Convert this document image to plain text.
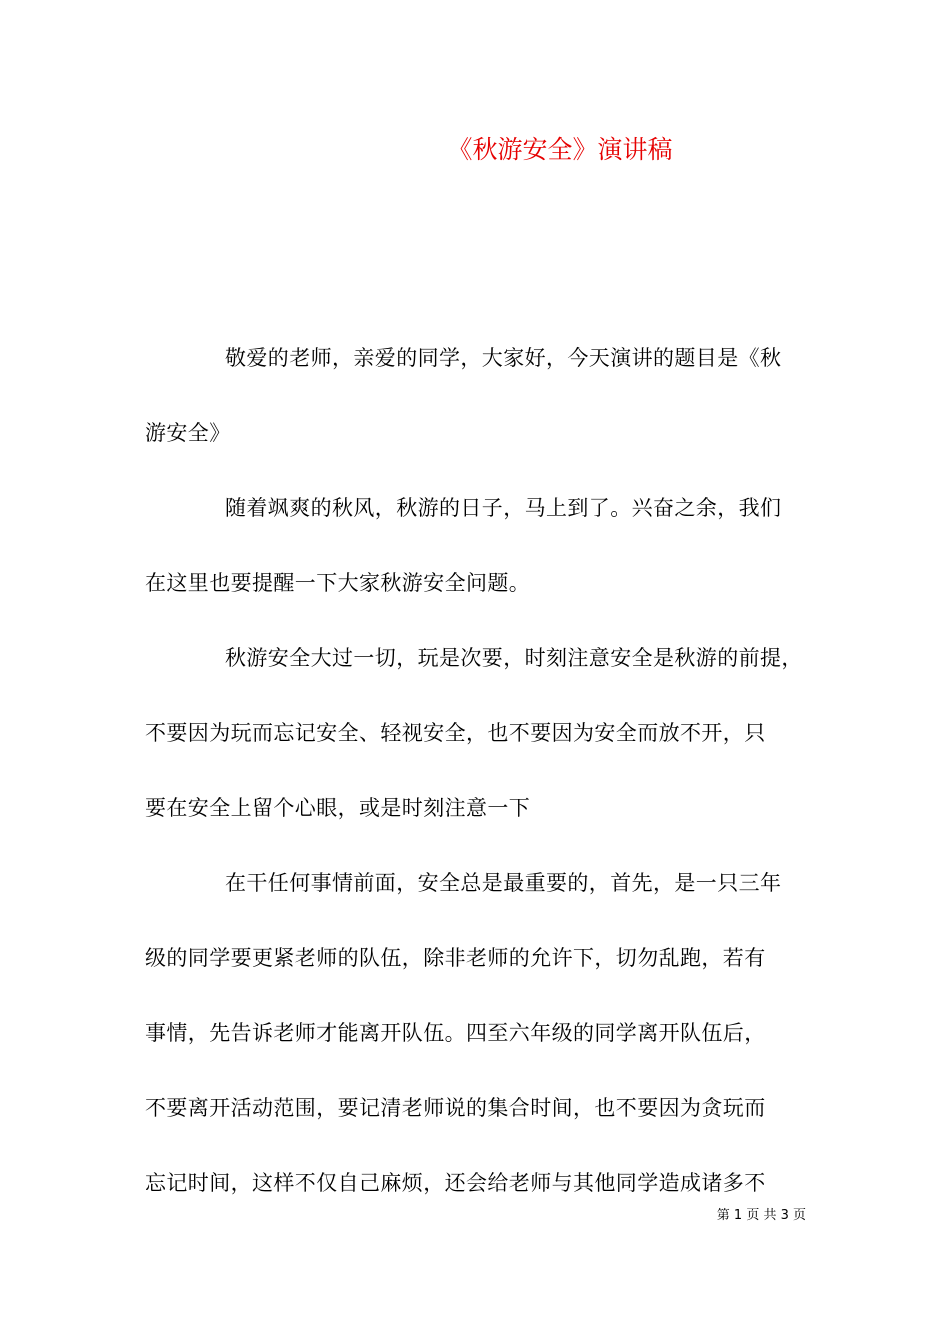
《秋游安全》演讲稿
敬爱的老师，亲爱的同学，大家好，今天演讲的题目是《秋
游安全》
随着飒爽的秋风，秋游的日子，马上到了。兴奋之余，我们
在这里也要提醒一下大家秋游安全问题。
秋游安全大过一切，玩是次要，时刻注意安全是秋游的前提，
不要因为玩而忘记安全、轻视安全，也不要因为安全而放不开，只
要在安全上留个心眼，或是时刻注意一下
在干任何事情前面，安全总是最重要的，首先，是一只三年
级的同学要更紧老师的队伍，除非老师的允许下，切勿乱跑，若有
事情，先告诉老师才能离开队伍。四至六年级的同学离开队伍后，
不要离开活动范围，要记清老师说的集合时间，也不要因为贪玩而
忘记时间，这样不仅自己麻烦，还会给老师与其他同学造成诸多不
第 1 页 共 3 页
